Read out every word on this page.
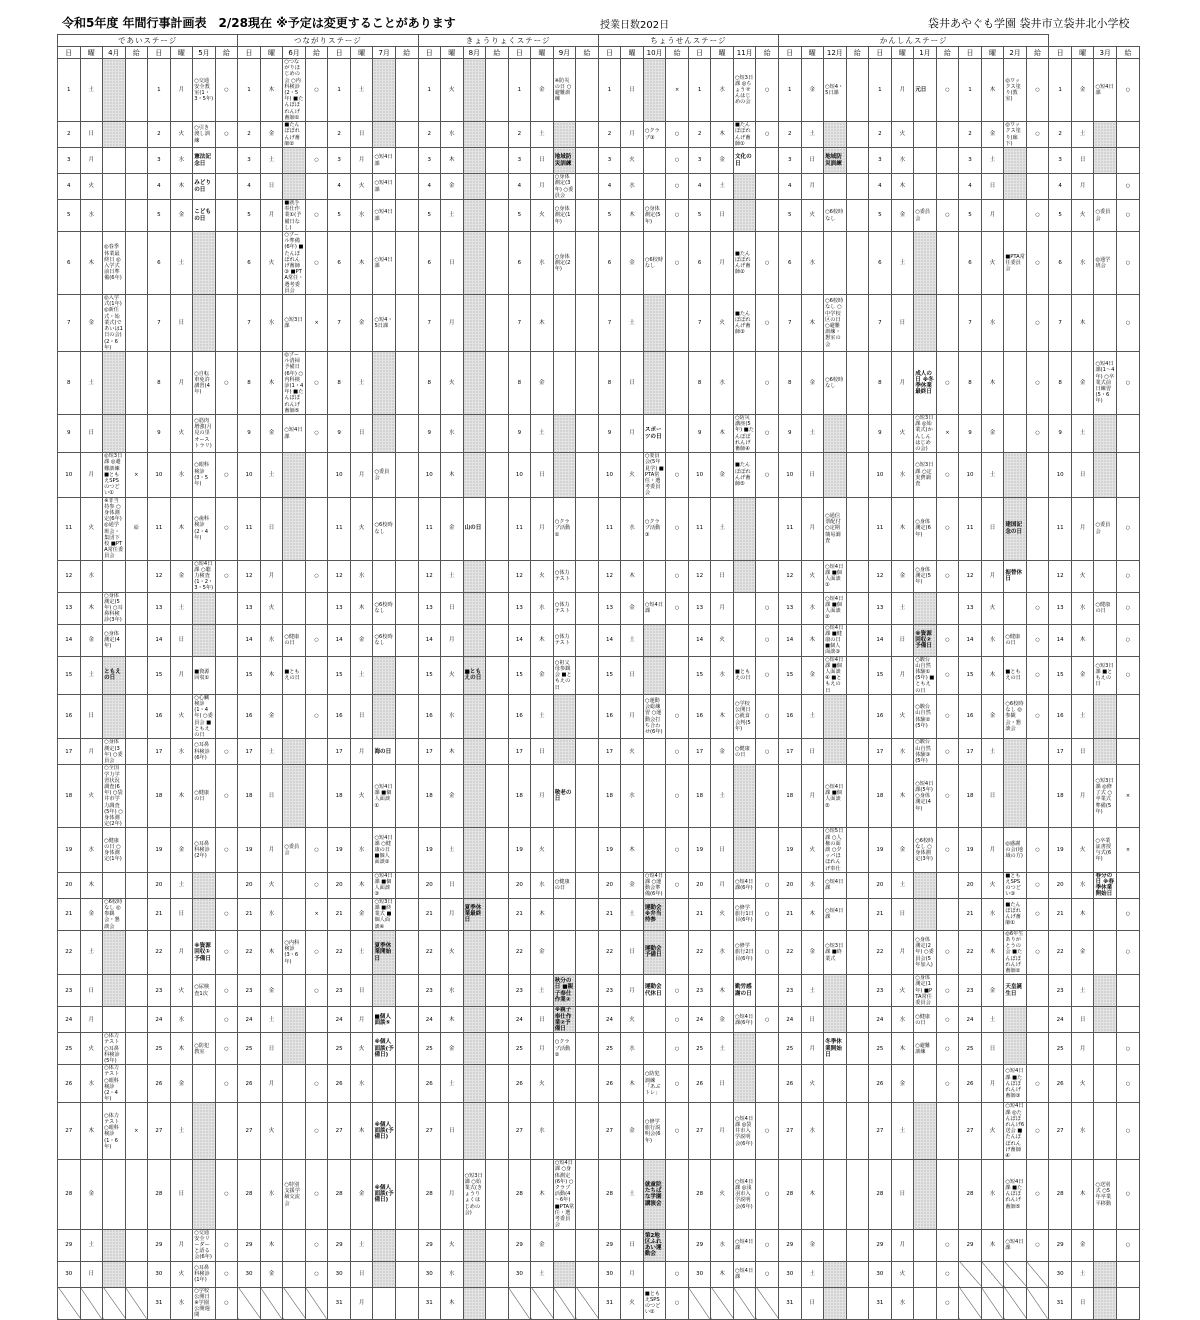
令和5年度 年間行事計画表　2/28現在 ※予定は変更することがあります	授業日数202日	袋井あやぐも学園 袋井市立袋井北小学校
であいステージ								つながりステージ								きょうりょくステージ								ちょうせんステージ								かんしんステージ															
日	曜	4月	給	日	曜	5月	給	日	曜	6月	給	日	曜	7月	給	日	曜	8月	給	日	曜	9月	給	日	曜	10月	給	日	曜	11月	給	日	曜	12月	給	日	曜	1月	給	日	曜	2月	給	日	曜	3月	給
1	土			1	月	○交通安全教室(1・3・5年)	○	1	木	○つながりほじめの会 ○内科検診(2・5年) ■たんぽぽれんげ畜師①	○	1	土			1	火			1	金	※防災の日 ○避難訓練		1	日		×	1	水	○短3日課 ◎ちょうせんはじめの会	○	1	金	○短4・5日課		1	月	元日	○	1	木	◎ワックス塗り(教室)	○	1	金	○短4日課	○
2	日			2	火	○引き渡し訓練	○	2	金	■たんぽぽれんげ畜師②		2	日			2	水			2	土			2	月	○クラブ③	○	2	木	■たんぽぽれんげ畜師①	○	2	土			2	火			2	金	◎ワックス塗り(廊下)	○	2	土		
3	月			3	水	憲法記念日		3	土		○	3	月	○短4日課		3	木			3	日	地域防災訓練		3	火		○	3	金	文化の日		3	日	地域防災訓練		3	水			3	土			3	日		
4	火			4	木	みどりの日		4	日			4	火	○短4日課		4	金			4	月	○身体測定(3年) ○委員会		4	水		○	4	土			4	月			4	木			4	日			4	月		○
5	水			5	金	こどもの日		5	月	■就手奉仕作業①(予備日なし)	○	5	水	○短4日課		5	土			5	火	○身体測定(1年)		5	木	○身体測定(5年)	○	5	日			5	火	○6校時なし		5	金	○委員会	○	5	月		○	5	火	○委員会	○
6	木	◎春季休業最終日 ◎入学式前日準備(6年)		6	土			6	火	○プール準備(6年) ■たんぽぽれんげ畜師③ ■PTA常任・選考委員会	○	6	木	○短4日課		6	日			6	水	○身体測定(2年)		6	金	○6校時なし	○	6	月	■たんぽぽれんげ畜師②	○	6	水			6	土			6	火	■PTA常任委員会	○	6	水	◎通学班会	○
7	金	◎入学式(1年) ◎新任式・始業式(であいは1日の会)(2・6年)		7	日			7	水	○短3日課	×	7	金	○短4・5日課		7	月			7	木			7	土			7	火	■たんぽぽれんげ畜師③	○	7	木	○6校時なし ○中学校区の日 ○避難訓練・懇室の会		7	日			7	水		○	7	木		○
8	土			8	月	○自転車免許講習(4年)	○	8	木	◎プール清掃予備日(6年) ○内科検診(1・4年) ■たんぽぽれんげ畜師⑤	○	8	土			8	火			8	金			8	日			8	水		○	8	金	○6校時なし		8	月	成人の日 ※冬季休業最終日	○	8	木		○	8	金	○短4日課(1～4年) ○卒業式前日練習(5・6年)	○
9	日			9	火	○筋肉増強(月見の里オーストラリ)		9	金	○短4日課	○	9	日			9	水			9	土			9	月	スポーツの日		9	木	○防災講座(5年) ■たんぽぽれんげ畜師④	○	9	土			9	火	○短3日課 ◎始業式(かんしんはじめの会)	×	9	金		○	9	土		
10	月	◎短3日課 ◎避難訓練 ■ともえSPSのつどい①	×	10	水	○眼科検診(3・5年)	○	10	土			10	月	○委員会		10	木			10	日			10	火	○委員会(5年見学) ■PTA常任・選考委員会	○	10	金	■たんぽぽれんげ畜師⑤	○	10	日			10	水	○短3日課 ○定実費調査	○	10	土			10	日		
11	火	※非当持参 ○身体測定(6年) ◎通学班会・集団下校 ■PTA常任委員会	給	11	木	○歯科検診(2・4年)	○	11	日			11	火	○6校時なし		11	金	山の日		11	月	○クラブ活動①		11	水	○クラブ活動③	○	11	土			11	月	○通信票配付 ○定期簡易調査		11	木	○身体測定(6年)	○	11	日	建国記念の日		11	月	○委員会	○
12	水			12	金	○短4日課 ○聴力検査(1・2・3・5年)	○	12	月		○	12	水			12	土			12	火	○体力テスト		12	木		○	12	日			12	火	○短4日課 ■個人面談①		12	金	○身体測定(5年)	○	12	月	振替休日		12	火		○
13	木	○身体測定(5年) ○耳鼻科検診(3年)		13	土			13	火			13	木	○6校時なし		13	日			13	水	○体力テスト		13	金	○短4日課	○	13	月		○	13	水	○短4日課 ■個人面談②		13	土			13	火		○	13	水	○健康の日	○
14	金	○身体測定(4年)		14	日			14	水	○健康の日	○	14	金	○6校時なし		14	月			14	木	○体力テスト		14	土			14	火		○	14	木	○短4日課 ■健康の日 ■個人面談③		14	日	※資源回収②予備日	○	14	水	○健康の日	○	14	木		○
15	土	ともえの日		15	月	■資源回収①		15	木	■ともえの日		15	土			15	火	■ともえの日		15	金	○祖父母参観会 ■ともえの日		15	日			15	水	■ともえの日	○	15	金	○短4日課 ■個人面談④ ■ともえの日		15	月	○駿台山自然体験①(5年) ■ともえの日	○	15	木	■ともえの日	○	15	金	○短3日課 ■ともえの日	○
16	日			16	火	○心臓検診(1・4年) ○委員会 ■ともえの日		16	金		○	16	日			16	水			16	土			16	月	○運動会総練習 ○運動会打ち合わせ(6年)	○	16	木	○学校公開日 ○就食会判(5年)	○	16	土			16	火	○駿台山自然体験②(5年)	○	16	金	○6校時なし ◎参観会・懇談会	○	16	土		
17	月	○身体測定(3年) ○委員会		17	水	○耳鼻科検診(6年)	○	17	土			17	月	海の日		17	木			17	日			17	火		○	17	金	○健康の日	○	17	日			17	水	○駿台山自然体験③(5年)	○	17	土			17	日		
18	火	○全国学力学習状況調査(6年) ○袋井市学力調査(5年) ○身体測定(2年)		18	木	○健康の日	○	18	日			18	火	○短4日課 ■個人面談①		18	金			18	月	敬老の日		18	水		○	18	土			18	月	○短4日課 ■個人面談⑤		18	木	○短4日課(5年) ○身体測定(4年)	○	18	日			18	月	○短3日課 ◎修了式 ○卒業式準備(5年)	×
19	水	○健康の日 ○身体測定(1年)		19	金	○耳鼻科検診(2年)	○	19	月	○委員会	○	19	水	○短4日課 ○健康の日 ■個人面談②		19	土			19	火			19	木		○	19	日			19	火	○短5日課 ○人権の面談 ○夕ッパほほれんげ奉仕		19	金	○6校時なし ○身体測定(3年)	○	19	月	◎感謝の会(地域の方)	○	19	火	○卒業証書授与式(6年)	×
20	木			20	土			20	火		○	20	木	○短4日課 ■個人面談③		20	日			20	水	○健康の日		20	金	○短4日課 ○運動会準備(6年)	○	20	月	○短4日課(6年)	○	20	水	○短4日課		20	土			20	火	■ともえSPSのつどい③	○	20	水	春分の日 ※春季休業開始日	
21	金	○6校時なし ◎参観会・懇談会		21	日		○	21	水		×	21	金	○短3日課 ■終業式 ■個人面談④		21	月	夏季休業最終日		21	木			21	土	運動会 ※弁当持参		21	火	○修学旅行1日目(6年)	○	21	木	○短4日課		21	日			21	水	■たんぽぽれんげ畜師①	○	21	木		○
22	土			22	月	※資源回収①予備日	○	22	木	○内科検診(3・6年)	○	22	土	夏季休業開始日		22	火			22	金			22	日	運動会予備日		22	水	○修学旅行2日目(6年)	○	22	金	○短3日課 ■終業式		22	月	○身体測定(2年) ○委員会(5年加入)	○	22	木	◎6年生ありがとうの会 ■たんぽぽれんげ畜師②	○	22	金		○
23	日			23	火	○尿検査1次	○	23	金		○	23	日			23	水			23	土	秋分の日 ■親子奉仕作業②		23	月	運動会代休日	○	23	木	勤労感謝の日		23	土			23	火	○身体測定(1年) ■PTA常任委員会	○	23	金	天皇誕生日		23	土		
24	月			24	水		○	24	土			24	月	■個人面談⑤		24	木			24	日	※親子奉仕作業②予備日		24	火		○	24	金	○短4日課(6年)	○	24	日			24	水	○健康の日	○	24	土			24	日		
25	火	○体力テスト ○耳鼻科検診(5年)		25	木	○防犯教室	○	25	日			25	火	※個人面談(予備日)		25	金			25	月	○クラブ活動②		25	水		○	25	土			25	月	冬季休業開始日		25	木	○避難訓練	○	25	日			25	月		○
26	水	○体力テスト ○眼科検診(2・4年)		26	金		○	26	月		○	26	水			26	土			26	火			26	木	○防犯訓練「あぶトレ」	○	26	日			26	火			26	金		○	26	月	○短4日課 ■たんぽぽれんげ畜師③	○	26	火		○
27	木	○体力テスト ○眼科検診(1・6年)	×	27	土			27	火		○	27	木	※個人面談(予備日)		27	日			27	水			27	金	○修学旅行説明会(6年)	○	27	月	○短4日課 ◎袋井市入学説明会(6年)	○	27	水			27	土			27	火	○短4日課 ◎たんぽぽれんげ6送会 ■たんぽぽれんげ畜師④	○	27	水		○
28	金			28	日		○	28	水	○特別支援学級交流会	○	28	金	※個人面談(予備日)		28	月	○短3日課 ○始業式(きょうりょくはじめの会)		28	木	○短4日課 ○身体測定(6年) ○クラブ活動(4～6年) ■PTA常任・選考委員会		28	土	就童院たちばな学園講演会		28	火	○短4日課 ◎浅羽市入学説明会(6年)	○	28	木			28	日			28	水	○短4日課 ■たんぽぽれんげ畜師⑤	○	28	木	○送別式 ○5年卒業平移動	○
29	土			29	月	○交通安全リーダーと語る会(6年)	○	29	木		○	29	土			29	火			29	金			29	日	第2地区ふれあい運動会		29	水	○短4日課	○	29	金			29	月		○	29	木	○短4日課	○	29	金		○
30	日			30	火	○耳鼻科検診(1年)	○	30	金		○	30	日			30	水			30	土			30	月		○	30	木	○短4日課	○	30	土			30	火		○					30	土		
				31	水	○学校公開日 ※学園公開週間	○					31	月			31	木							31	火	■ともえSPSのつどい②	○					31	日			31	水		○					31	日		
